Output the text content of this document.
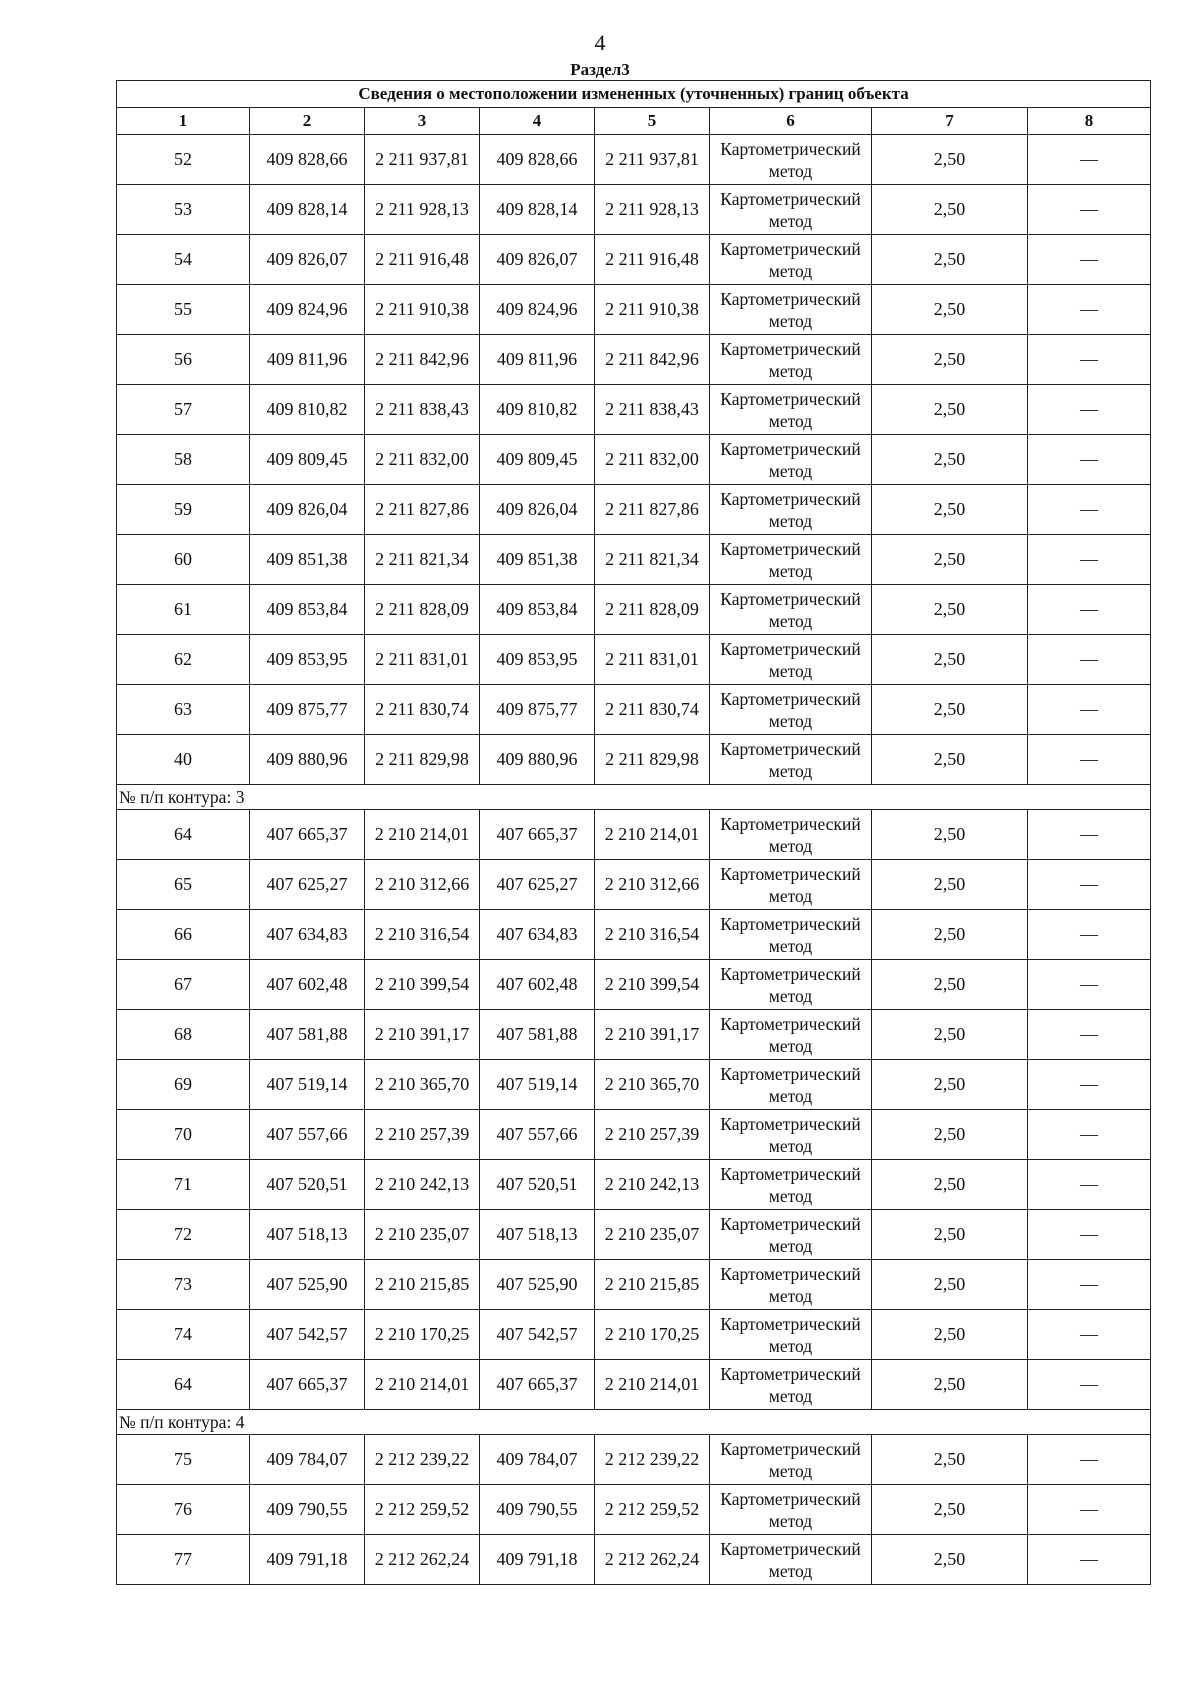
4
Раздел3
Сведения о местоположении измененных (уточненных) границ объекта							
1	2	3	4	5	6	7	8
52	409 828,66	2 211 937,81	409 828,66	2 211 937,81	Картометрический метод	2,50	—
53	409 828,14	2 211 928,13	409 828,14	2 211 928,13	Картометрический метод	2,50	—
54	409 826,07	2 211 916,48	409 826,07	2 211 916,48	Картометрический метод	2,50	—
55	409 824,96	2 211 910,38	409 824,96	2 211 910,38	Картометрический метод	2,50	—
56	409 811,96	2 211 842,96	409 811,96	2 211 842,96	Картометрический метод	2,50	—
57	409 810,82	2 211 838,43	409 810,82	2 211 838,43	Картометрический метод	2,50	—
58	409 809,45	2 211 832,00	409 809,45	2 211 832,00	Картометрический метод	2,50	—
59	409 826,04	2 211 827,86	409 826,04	2 211 827,86	Картометрический метод	2,50	—
60	409 851,38	2 211 821,34	409 851,38	2 211 821,34	Картометрический метод	2,50	—
61	409 853,84	2 211 828,09	409 853,84	2 211 828,09	Картометрический метод	2,50	—
62	409 853,95	2 211 831,01	409 853,95	2 211 831,01	Картометрический метод	2,50	—
63	409 875,77	2 211 830,74	409 875,77	2 211 830,74	Картометрический метод	2,50	—
40	409 880,96	2 211 829,98	409 880,96	2 211 829,98	Картометрический метод	2,50	—
№ п/п контура: 3							
64	407 665,37	2 210 214,01	407 665,37	2 210 214,01	Картометрический метод	2,50	—
65	407 625,27	2 210 312,66	407 625,27	2 210 312,66	Картометрический метод	2,50	—
66	407 634,83	2 210 316,54	407 634,83	2 210 316,54	Картометрический метод	2,50	—
67	407 602,48	2 210 399,54	407 602,48	2 210 399,54	Картометрический метод	2,50	—
68	407 581,88	2 210 391,17	407 581,88	2 210 391,17	Картометрический метод	2,50	—
69	407 519,14	2 210 365,70	407 519,14	2 210 365,70	Картометрический метод	2,50	—
70	407 557,66	2 210 257,39	407 557,66	2 210 257,39	Картометрический метод	2,50	—
71	407 520,51	2 210 242,13	407 520,51	2 210 242,13	Картометрический метод	2,50	—
72	407 518,13	2 210 235,07	407 518,13	2 210 235,07	Картометрический метод	2,50	—
73	407 525,90	2 210 215,85	407 525,90	2 210 215,85	Картометрический метод	2,50	—
74	407 542,57	2 210 170,25	407 542,57	2 210 170,25	Картометрический метод	2,50	—
64	407 665,37	2 210 214,01	407 665,37	2 210 214,01	Картометрический метод	2,50	—
№ п/п контура: 4							
75	409 784,07	2 212 239,22	409 784,07	2 212 239,22	Картометрический метод	2,50	—
76	409 790,55	2 212 259,52	409 790,55	2 212 259,52	Картометрический метод	2,50	—
77	409 791,18	2 212 262,24	409 791,18	2 212 262,24	Картометрический метод	2,50	—
